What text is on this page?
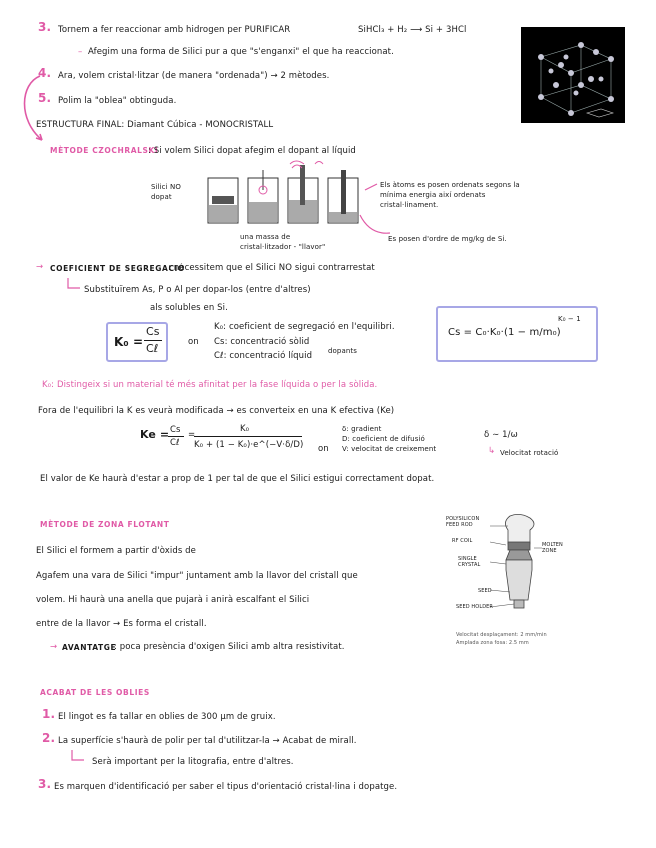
3. Tornem a fer reaccionar amb hidrogen per PURIFICAR	SiHCl₃ + H₂ ⟶ Si + 3HCl
– Afegim una forma de Silici pur a que "s'enganxi" el que ha reaccionat.
4. Ara, volem cristal·litzar (de manera "ordenada") → 2 mètodes.
5. Polim la "oblea" obtinguda.
ESTRUCTURA FINAL: Diamant Cúbica - MONOCRISTALL
MÈTODE CZOCHRALSKI
: Si volem Silici dopat afegim el dopant al líquid
Silici NO dopat
una massa de cristal·litzador - "llavor"
Els àtoms es posen ordenats segons la mínima energia així ordenats cristal·linament.
Es posen d'ordre de mg/kg de Si.
→ COEFICIENT DE SEGREGACIÓ
: necessitem que el Silici NO sigui contrarrestat
Substituïrem As, P o Al per dopar-los (entre d'altres)
als solubles en Si.
K₀ =
Cs
Cℓ	on
K₀: coeficient de segregació en l'equilibri.
Cs: concentració sòlid
Cℓ: concentració líquid dopants
Cs = C₀·K₀·(1 − m/m₀)
K₀ − 1
K₀: Distingeix si un material té més afinitat per la fase líquida o per la sòlida.
Fora de l'equilibri la K es veurà modificada → es converteix en una K efectiva (Ke)
Ke = Cs
Cℓ
=
K₀
K₀ + (1 − K₀)·e^(−V·δ/D) on
δ: gradient
D: coeficient de difusió
V: velocitat de creixement
δ ∼ 1/ω
↳ Velocitat rotació
El valor de Ke haurà d'estar a prop de 1 per tal de que el Silici estigui correctament dopat.
MÈTODE DE ZONA FLOTANT
El Silici el formem a partir d'òxids de
Agafem una vara de Silici "impur" juntament amb la llavor del cristall que
volem. Hi haurà una anella que pujarà i anirà escalfant el Silici
entre de la llavor → Es forma el cristall.
→ AVANTATGE
: poca presència d'oxigen Silici amb altra resistivitat.
POLYSILICON FEED ROD
RF COIL
MOLTEN ZONE
SINGLE CRYSTAL
SEED
SEED HOLDER
Velocitat desplaçament: 2 mm/min
Amplada zona fosa: 2.5 mm
ACABAT DE LES OBLIES
1. El lingot es fa tallar en oblies de 300 µm de gruix.
2. La superfície s'haurà de polir per tal d'utilitzar-la → Acabat de mirall.
Serà important per la litografia, entre d'altres.
3. Es marquen d'identificació per saber el tipus d'orientació cristal·lina i dopatge.
